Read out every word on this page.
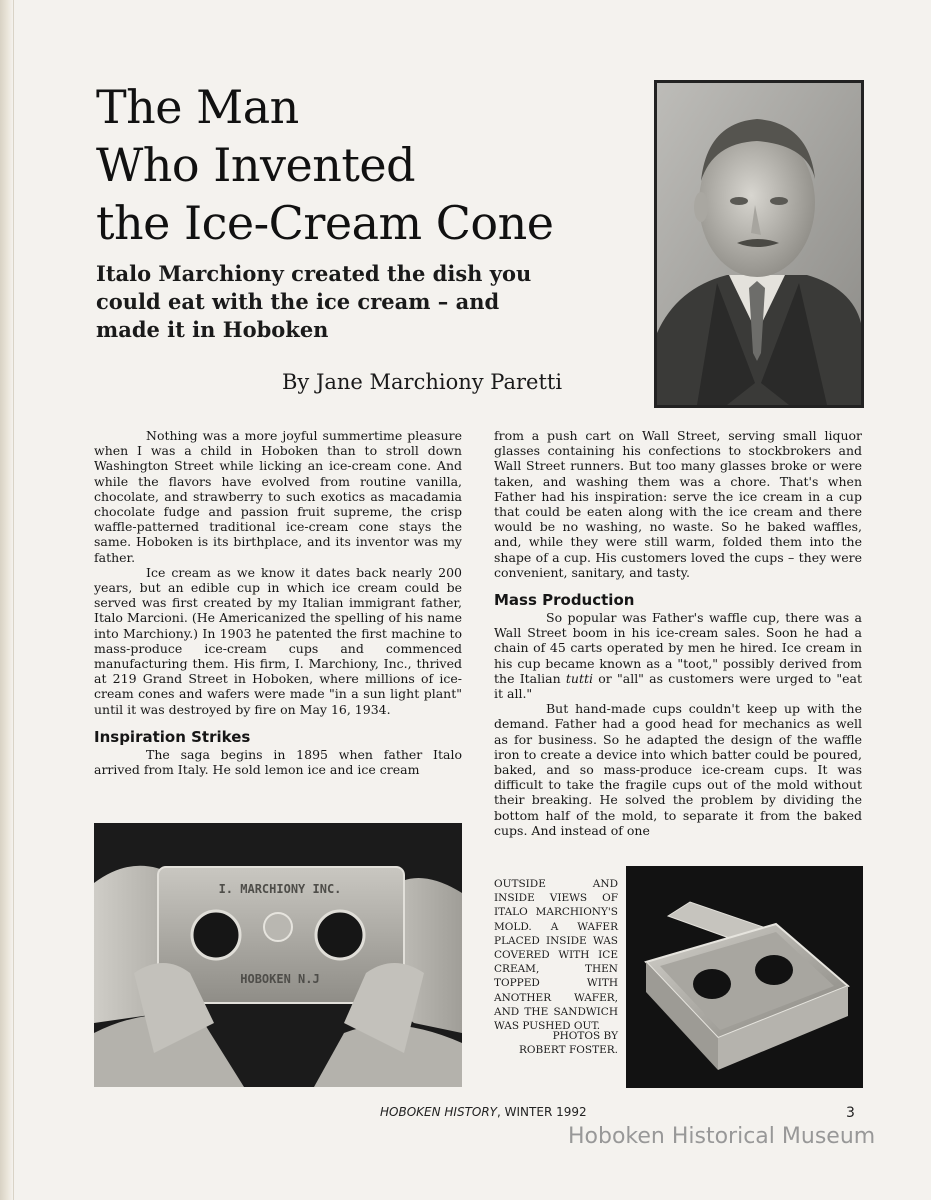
The Man
Who Invented
the Ice-Cream Cone
Italo Marchiony created the dish you
could eat with the ice cream – and
made it in Hoboken
By Jane Marchiony Paretti

Nothing was a more joyful summertime pleasure when I was a child in Hoboken than to stroll down Washington Street while licking an ice-cream cone. And while the flavors have evolved from routine vanilla, chocolate, and strawberry to such exotics as macadamia chocolate fudge and passion fruit supreme, the crisp waffle-patterned traditional ice-cream cone stays the same. Hoboken is its birthplace, and its inventor was my father.

Ice cream as we know it dates back nearly 200 years, but an edible cup in which ice cream could be served was first created by my Italian immigrant father, Italo Marcioni. (He Americanized the spelling of his name into Marchiony.) In 1903 he patented the first machine to mass-produce ice-cream cups and commenced manufacturing them. His firm, I. Marchiony, Inc., thrived at 219 Grand Street in Hoboken, where millions of ice-cream cones and wafers were made "in a sun light plant" until it was destroyed by fire on May 16, 1934.

Inspiration Strikes

The saga begins in 1895 when father Italo arrived from Italy. He sold lemon ice and ice cream

from a push cart on Wall Street, serving small liquor glasses containing his confections to stockbrokers and Wall Street runners. But too many glasses broke or were taken, and washing them was a chore. That's when Father had his inspiration: serve the ice cream in a cup that could be eaten along with the ice cream and there would be no washing, no waste. So he baked waffles, and, while they were still warm, folded them into the shape of a cup. His customers loved the cups – they were convenient, sanitary, and tasty.

Mass Production

So popular was Father's waffle cup, there was a Wall Street boom in his ice-cream sales. Soon he had a chain of 45 carts operated by men he hired. Ice cream in his cup became known as a "toot," possibly derived from the Italian tutti or "all" as customers were urged to "eat it all."

But hand-made cups couldn't keep up with the demand. Father had a good head for mechanics as well as for business. So he adapted the design of the waffle iron to create a device into which batter could be poured, baked, and so mass-produce ice-cream cups. It was difficult to take the fragile cups out of the mold without their breaking. He solved the problem by dividing the bottom half of the mold, to separate it from the baked cups. And instead of one

I. MARCHIONY INC.
HOBOKEN N.J
OUTSIDE AND INSIDE VIEWS OF ITALO MARCHIONY'S MOLD. A WAFER PLACED INSIDE WAS COVERED WITH ICE CREAM, THEN TOPPED WITH ANOTHER WAFER, AND THE SANDWICH WAS PUSHED OUT.
PHOTOS BY
ROBERT FOSTER.
HOBOKEN HISTORY, WINTER 1992	3
Hoboken Historical Museum
